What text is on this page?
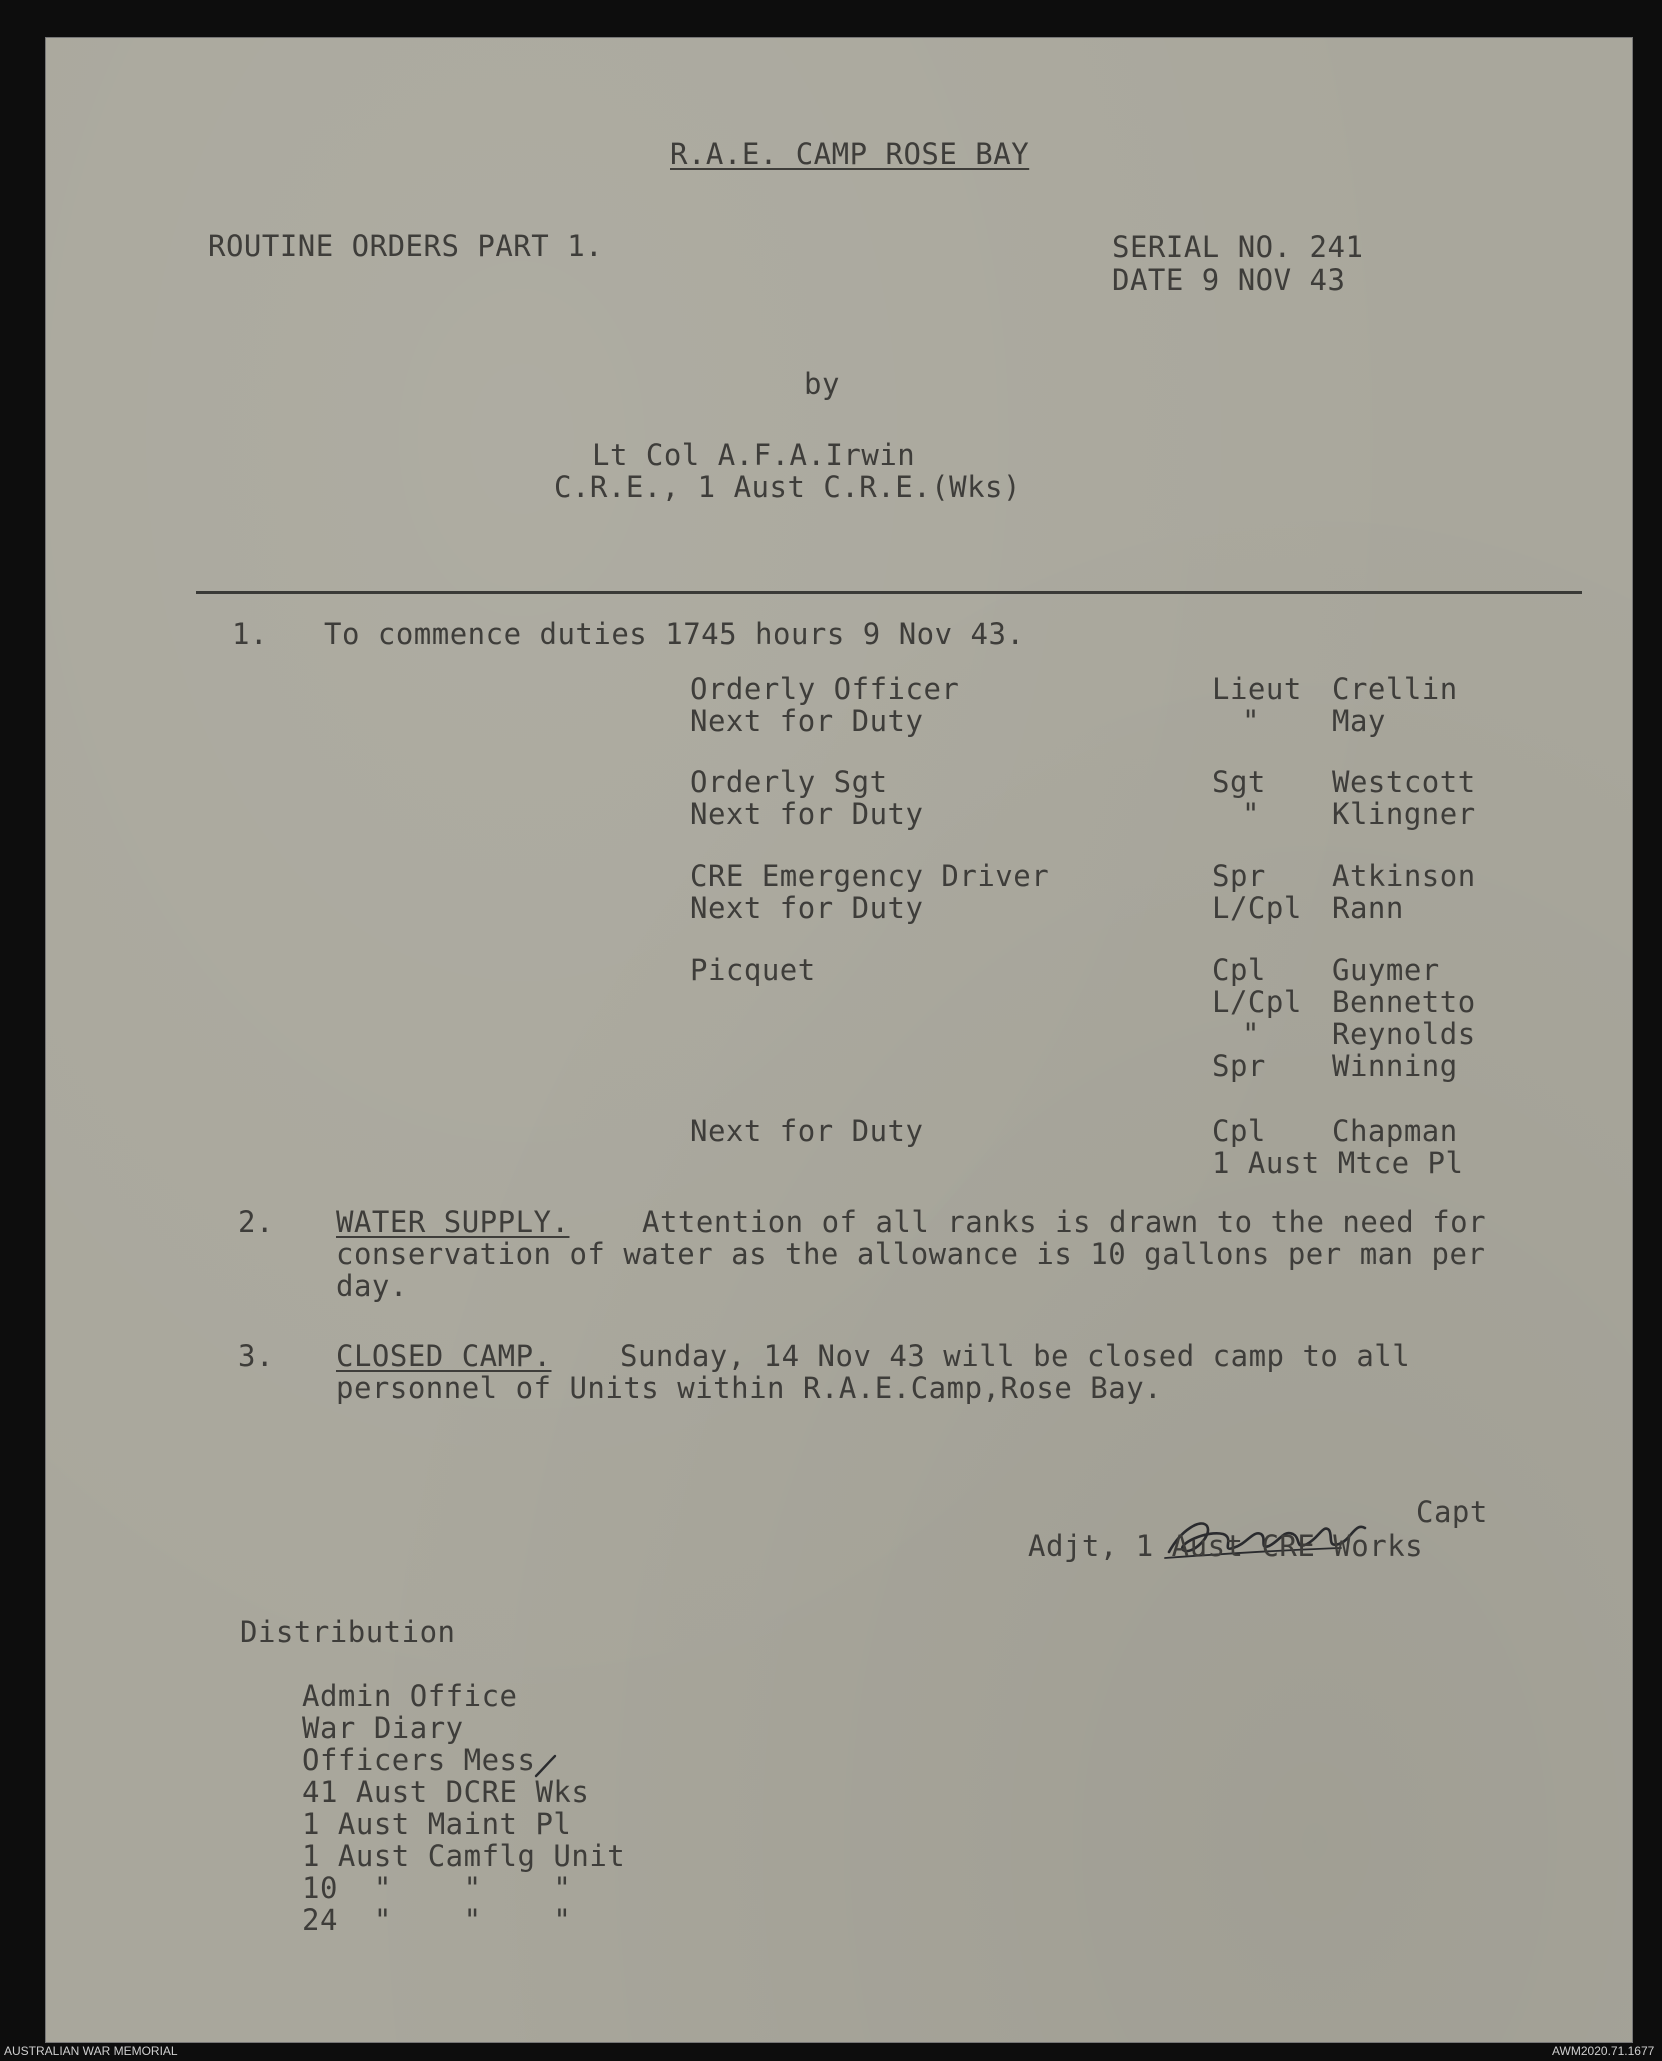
R.A.E. CAMP ROSE BAY
ROUTINE ORDERS PART 1.	SERIAL NO. 241
DATE 9 NOV 43
by
Lt Col A.F.A.Irwin
C.R.E., 1 Aust C.R.E.(Wks)
1. To commence duties 1745 hours 9 Nov 43.
Orderly Officer	Lieut Crellin
Next for Duty	" May
Orderly Sgt	Sgt Westcott
Next for Duty	" Klingner
CRE Emergency Driver	Spr Atkinson
Next for Duty	L/Cpl Rann
Picquet	Cpl Guymer
L/Cpl Bennetto
" Reynolds
Spr Winning
Next for Duty	Cpl Chapman
1 Aust Mtce Pl
2. WATER SUPPLY.	Attention of all ranks is drawn to the need for
conservation of water as the allowance is 10 gallons per man per
day.
3. CLOSED CAMP. Sunday, 14 Nov 43 will be closed camp to all
personnel of Units within R.A.E.Camp,Rose Bay.
Capt
Adjt, 1 Aust CRE Works
Distribution
Admin Office
War Diary
Officers Mess
41 Aust DCRE Wks
1 Aust Maint Pl
1 Aust Camflg Unit
10  "    "    "
24  "    "    "
AUSTRALIAN WAR MEMORIAL	AWM2020.71.1677
